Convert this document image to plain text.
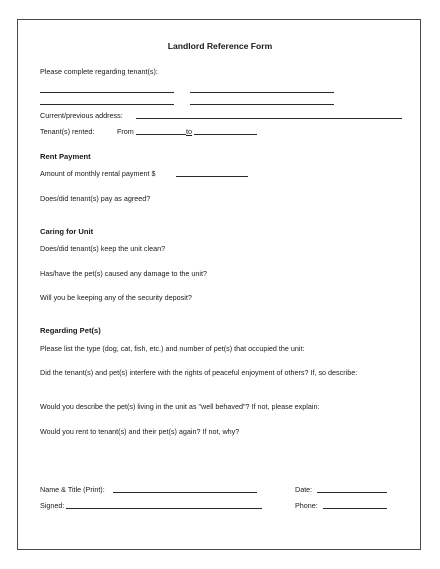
Landlord Reference Form
Please complete regarding tenant(s):
Current/previous address:
Tenant(s) rented:	From	to
Rent Payment
Amount of monthly rental payment $
Does/did tenant(s) pay as agreed?
Caring for Unit
Does/did tenant(s) keep the unit clean?
Has/have the pet(s) caused any damage to the unit?
Will you be keeping any of the security deposit?
Regarding Pet(s)
Please list the type (dog, cat, fish, etc.) and number of pet(s) that occupied the unit:
Did the tenant(s) and pet(s) interfere with the rights of peaceful enjoyment of others? If, so describe:
Would you describe the pet(s) living in the unit as "well behaved"? If not, please explain:
Would you rent to tenant(s) and their pet(s) again? If not, why?
Name & Title (Print):	Date:
Signed:	Phone:
